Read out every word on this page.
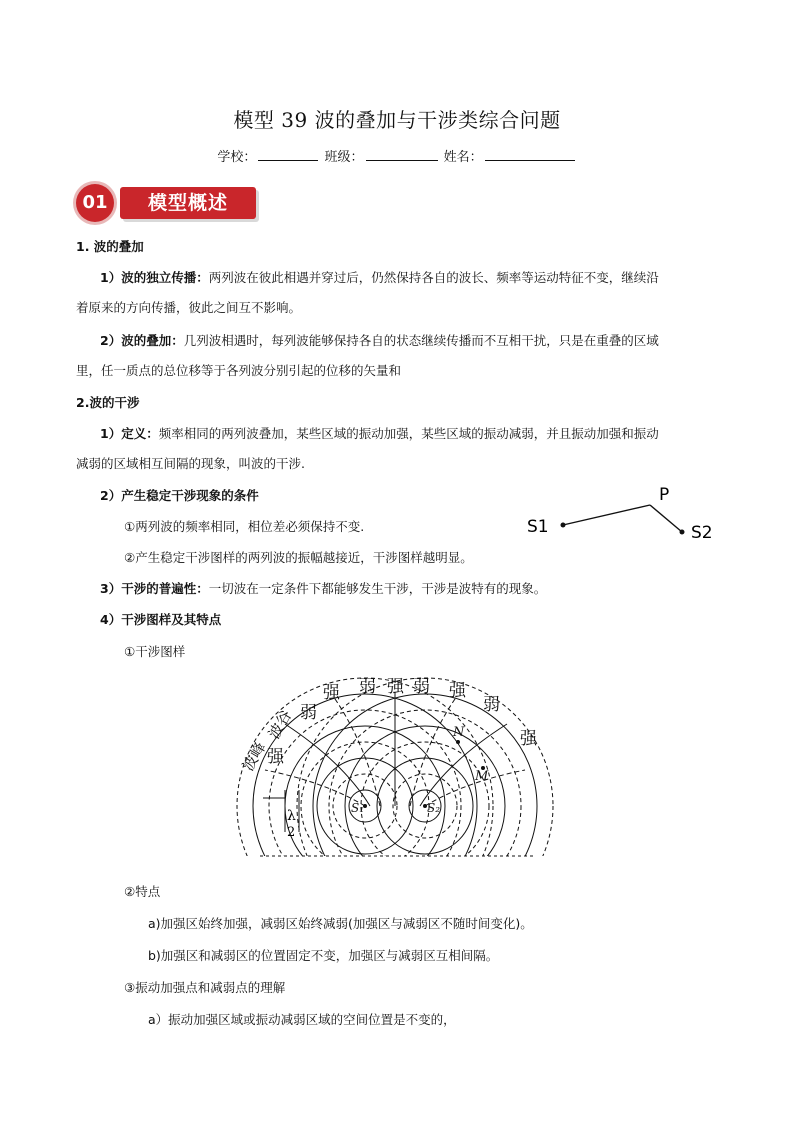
模型 39 波的叠加与干涉类综合问题
学校：	班级：	姓名：
01	模型概述
1. 波的叠加
1）波的独立传播：两列波在彼此相遇并穿过后，仍然保持各自的波长、频率等运动特征不变，继续沿
着原来的方向传播，彼此之间互不影响。
2）波的叠加：几列波相遇时，每列波能够保持各自的状态继续传播而不互相干扰，只是在重叠的区域
里，任一质点的总位移等于各列波分别引起的位移的矢量和
2.波的干涉
1）定义：频率相同的两列波叠加，某些区域的振动加强，某些区域的振动减弱，并且振动加强和振动
减弱的区域相互间隔的现象，叫波的干涉.
2）产生稳定干涉现象的条件
①两列波的频率相同，相位差必须保持不变.
②产生稳定干涉图样的两列波的振幅越接近，干涉图样越明显。
S1
P
S2
3）干涉的普遍性：一切波在一定条件下都能够发生干涉，干涉是波特有的现象。
4）干涉图样及其特点
①干涉图样
λ
2
强 弱 强 弱 强
弱
弱
强
波谷
波峰
强
N
M
S₁	S₂
②特点
a)加强区始终加强，减弱区始终减弱(加强区与减弱区不随时间变化)。
b)加强区和减弱区的位置固定不变，加强区与减弱区互相间隔。
③振动加强点和减弱点的理解
a）振动加强区域或振动减弱区域的空间位置是不变的，
